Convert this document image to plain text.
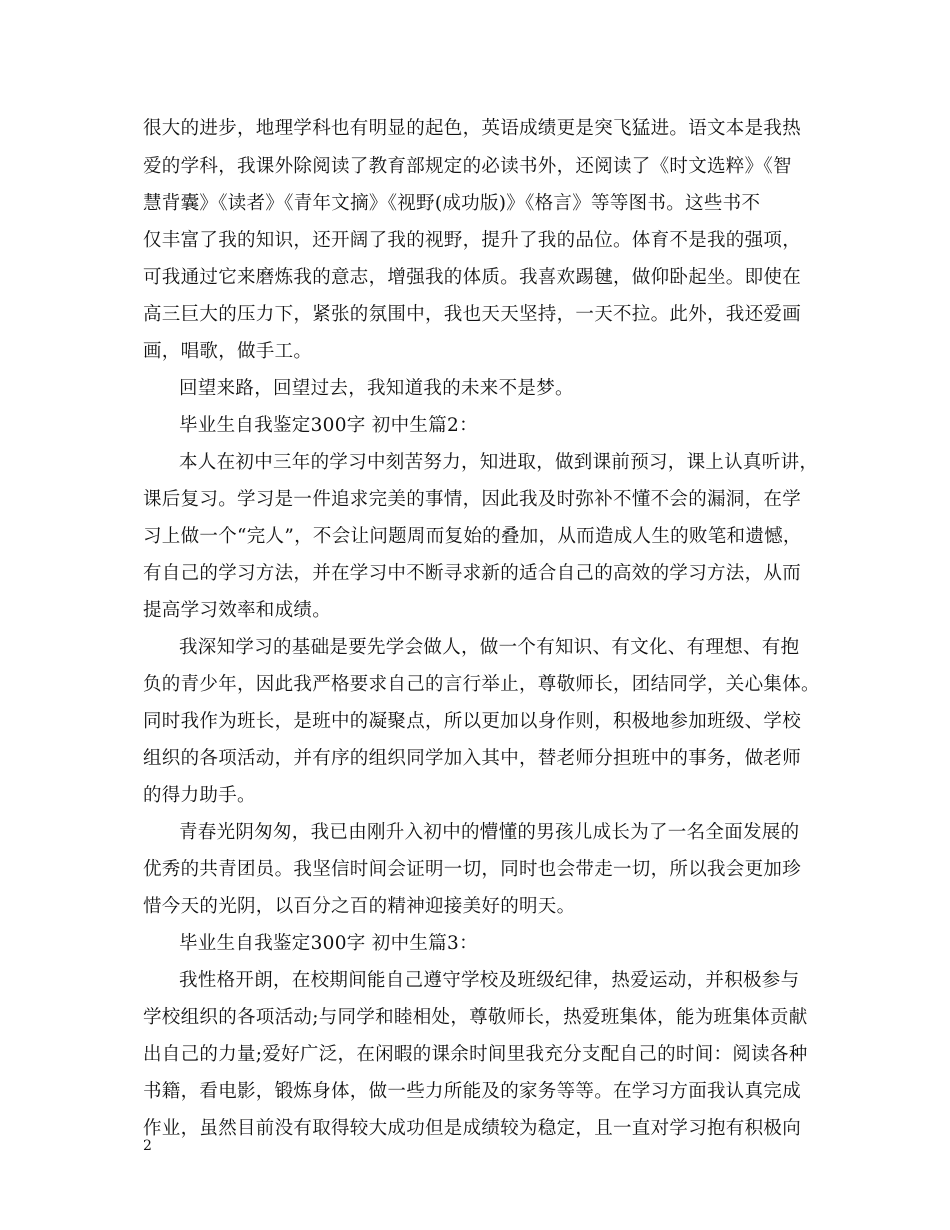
很大的进步，地理学科也有明显的起色，英语成绩更是突飞猛进。语文本是我热
爱的学科，我课外除阅读了教育部规定的必读书外，还阅读了《时文选粹》《智
慧背囊》《读者》《青年文摘》《视野(成功版)》《格言》等等图书。这些书不
仅丰富了我的知识，还开阔了我的视野，提升了我的品位。体育不是我的强项，
可我通过它来磨炼我的意志，增强我的体质。我喜欢踢毽，做仰卧起坐。即使在
高三巨大的压力下，紧张的氛围中，我也天天坚持，一天不拉。此外，我还爱画
画，唱歌，做手工。
回望来路，回望过去，我知道我的未来不是梦。
毕业生自我鉴定300字 初中生篇2：
本人在初中三年的学习中刻苦努力，知进取，做到课前预习，课上认真听讲，
课后复习。学习是一件追求完美的事情，因此我及时弥补不懂不会的漏洞，在学
习上做一个“完人”，不会让问题周而复始的叠加，从而造成人生的败笔和遗憾，
有自己的学习方法，并在学习中不断寻求新的适合自己的高效的学习方法，从而
提高学习效率和成绩。
我深知学习的基础是要先学会做人，做一个有知识、有文化、有理想、有抱
负的青少年，因此我严格要求自己的言行举止，尊敬师长，团结同学，关心集体。
同时我作为班长，是班中的凝聚点，所以更加以身作则，积极地参加班级、学校
组织的各项活动，并有序的组织同学加入其中，替老师分担班中的事务，做老师
的得力助手。
青春光阴匆匆，我已由刚升入初中的懵懂的男孩儿成长为了一名全面发展的
优秀的共青团员。我坚信时间会证明一切，同时也会带走一切，所以我会更加珍
惜今天的光阴，以百分之百的精神迎接美好的明天。
毕业生自我鉴定300字 初中生篇3：
我性格开朗，在校期间能自己遵守学校及班级纪律，热爱运动，并积极参与
学校组织的各项活动;与同学和睦相处，尊敬师长，热爱班集体，能为班集体贡献
出自己的力量;爱好广泛，在闲暇的课余时间里我充分支配自己的时间：阅读各种
书籍，看电影，锻炼身体，做一些力所能及的家务等等。在学习方面我认真完成
作业，虽然目前没有取得较大成功但是成绩较为稳定，且一直对学习抱有积极向
2
